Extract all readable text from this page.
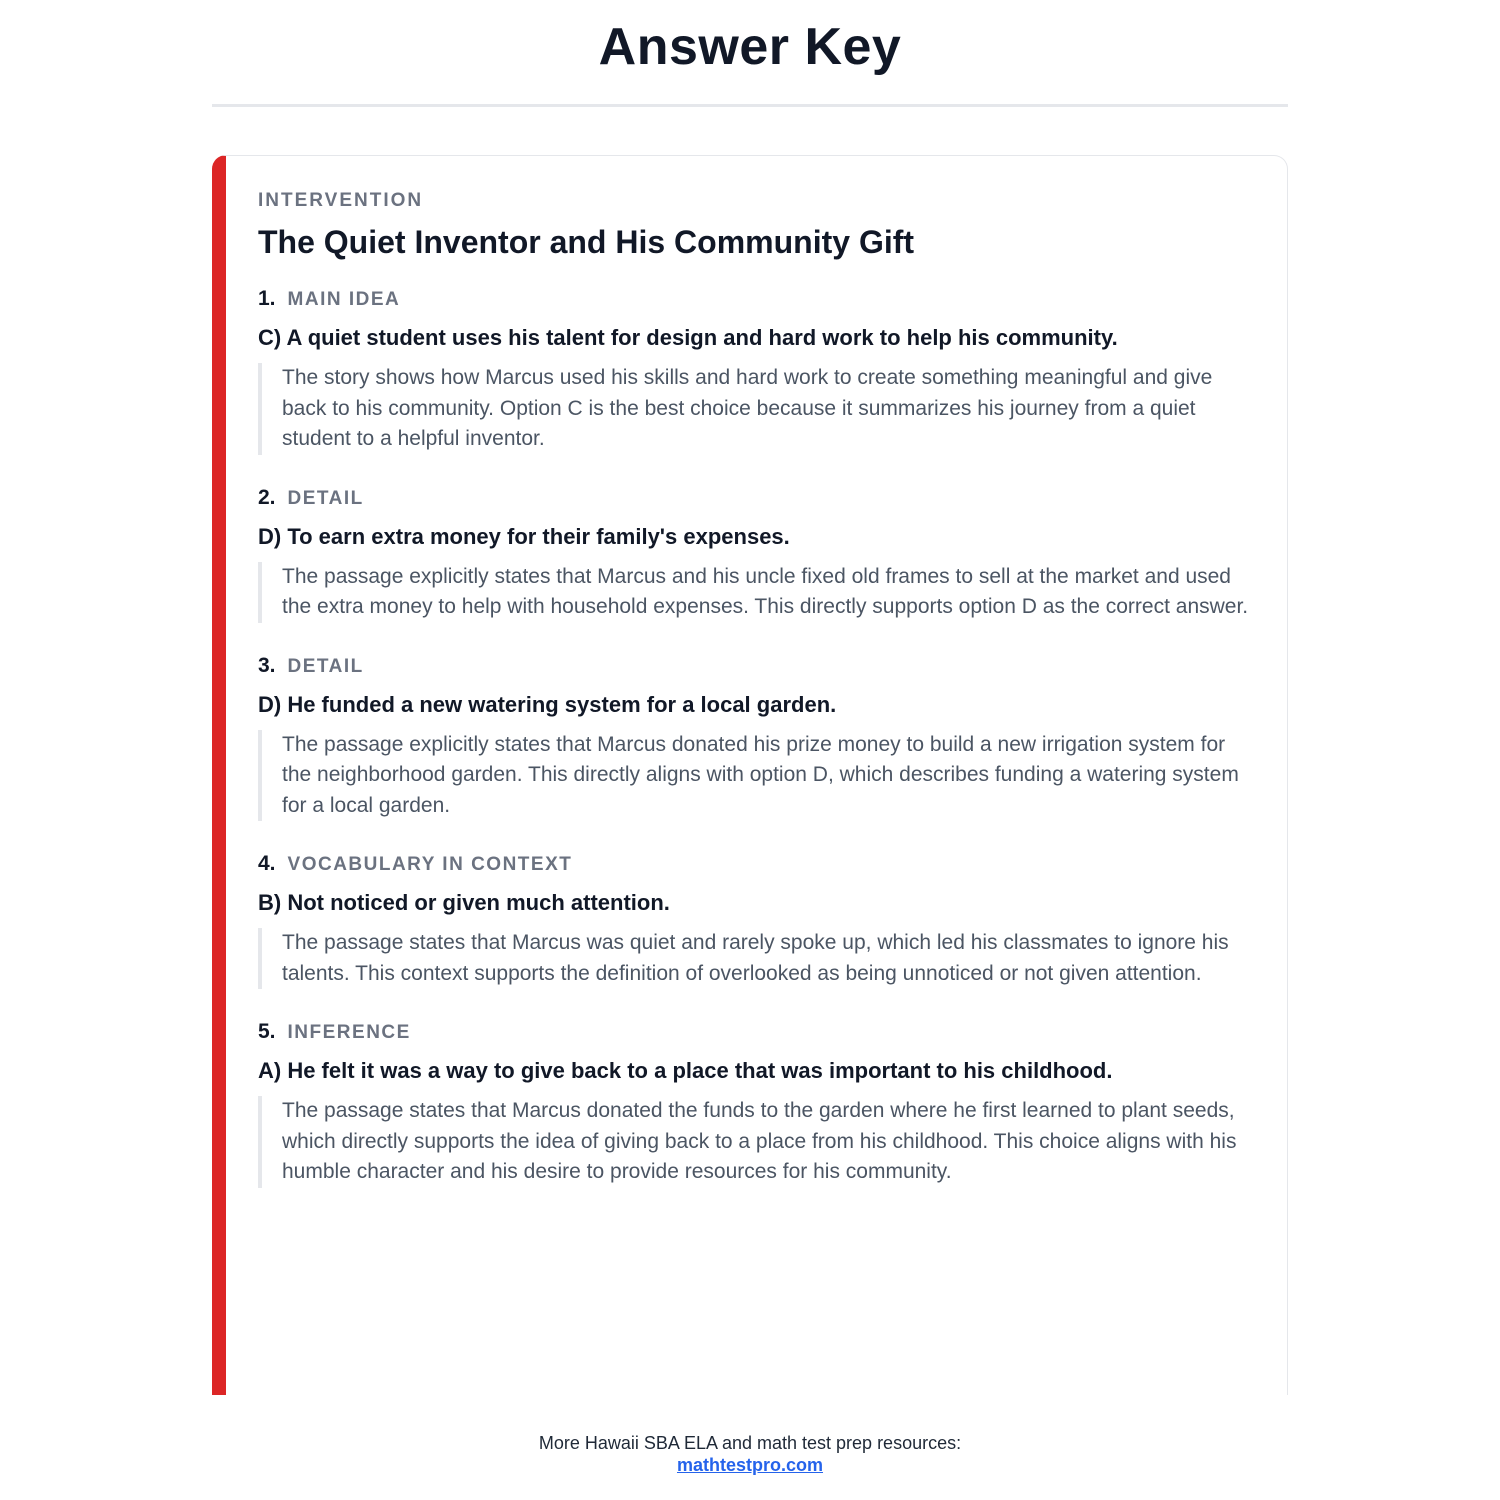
Answer Key
INTERVENTION
The Quiet Inventor and His Community Gift
1. MAIN IDEA
C) A quiet student uses his talent for design and hard work to help his community.

The story shows how Marcus used his skills and hard work to create something meaningful and give back to his community. Option C is the best choice because it summarizes his journey from a quiet student to a helpful inventor.

2. DETAIL
D) To earn extra money for their family's expenses.

The passage explicitly states that Marcus and his uncle fixed old frames to sell at the market and used the extra money to help with household expenses. This directly supports option D as the correct answer.

3. DETAIL
D) He funded a new watering system for a local garden.

The passage explicitly states that Marcus donated his prize money to build a new irrigation system for the neighborhood garden. This directly aligns with option D, which describes funding a watering system for a local garden.

4. VOCABULARY IN CONTEXT
B) Not noticed or given much attention.

The passage states that Marcus was quiet and rarely spoke up, which led his classmates to ignore his talents. This context supports the definition of overlooked as being unnoticed or not given attention.

5. INFERENCE
A) He felt it was a way to give back to a place that was important to his childhood.

The passage states that Marcus donated the funds to the garden where he first learned to plant seeds, which directly supports the idea of giving back to a place from his childhood. This choice aligns with his humble character and his desire to provide resources for his community.

More Hawaii SBA ELA and math test prep resources:
mathtestpro.com
